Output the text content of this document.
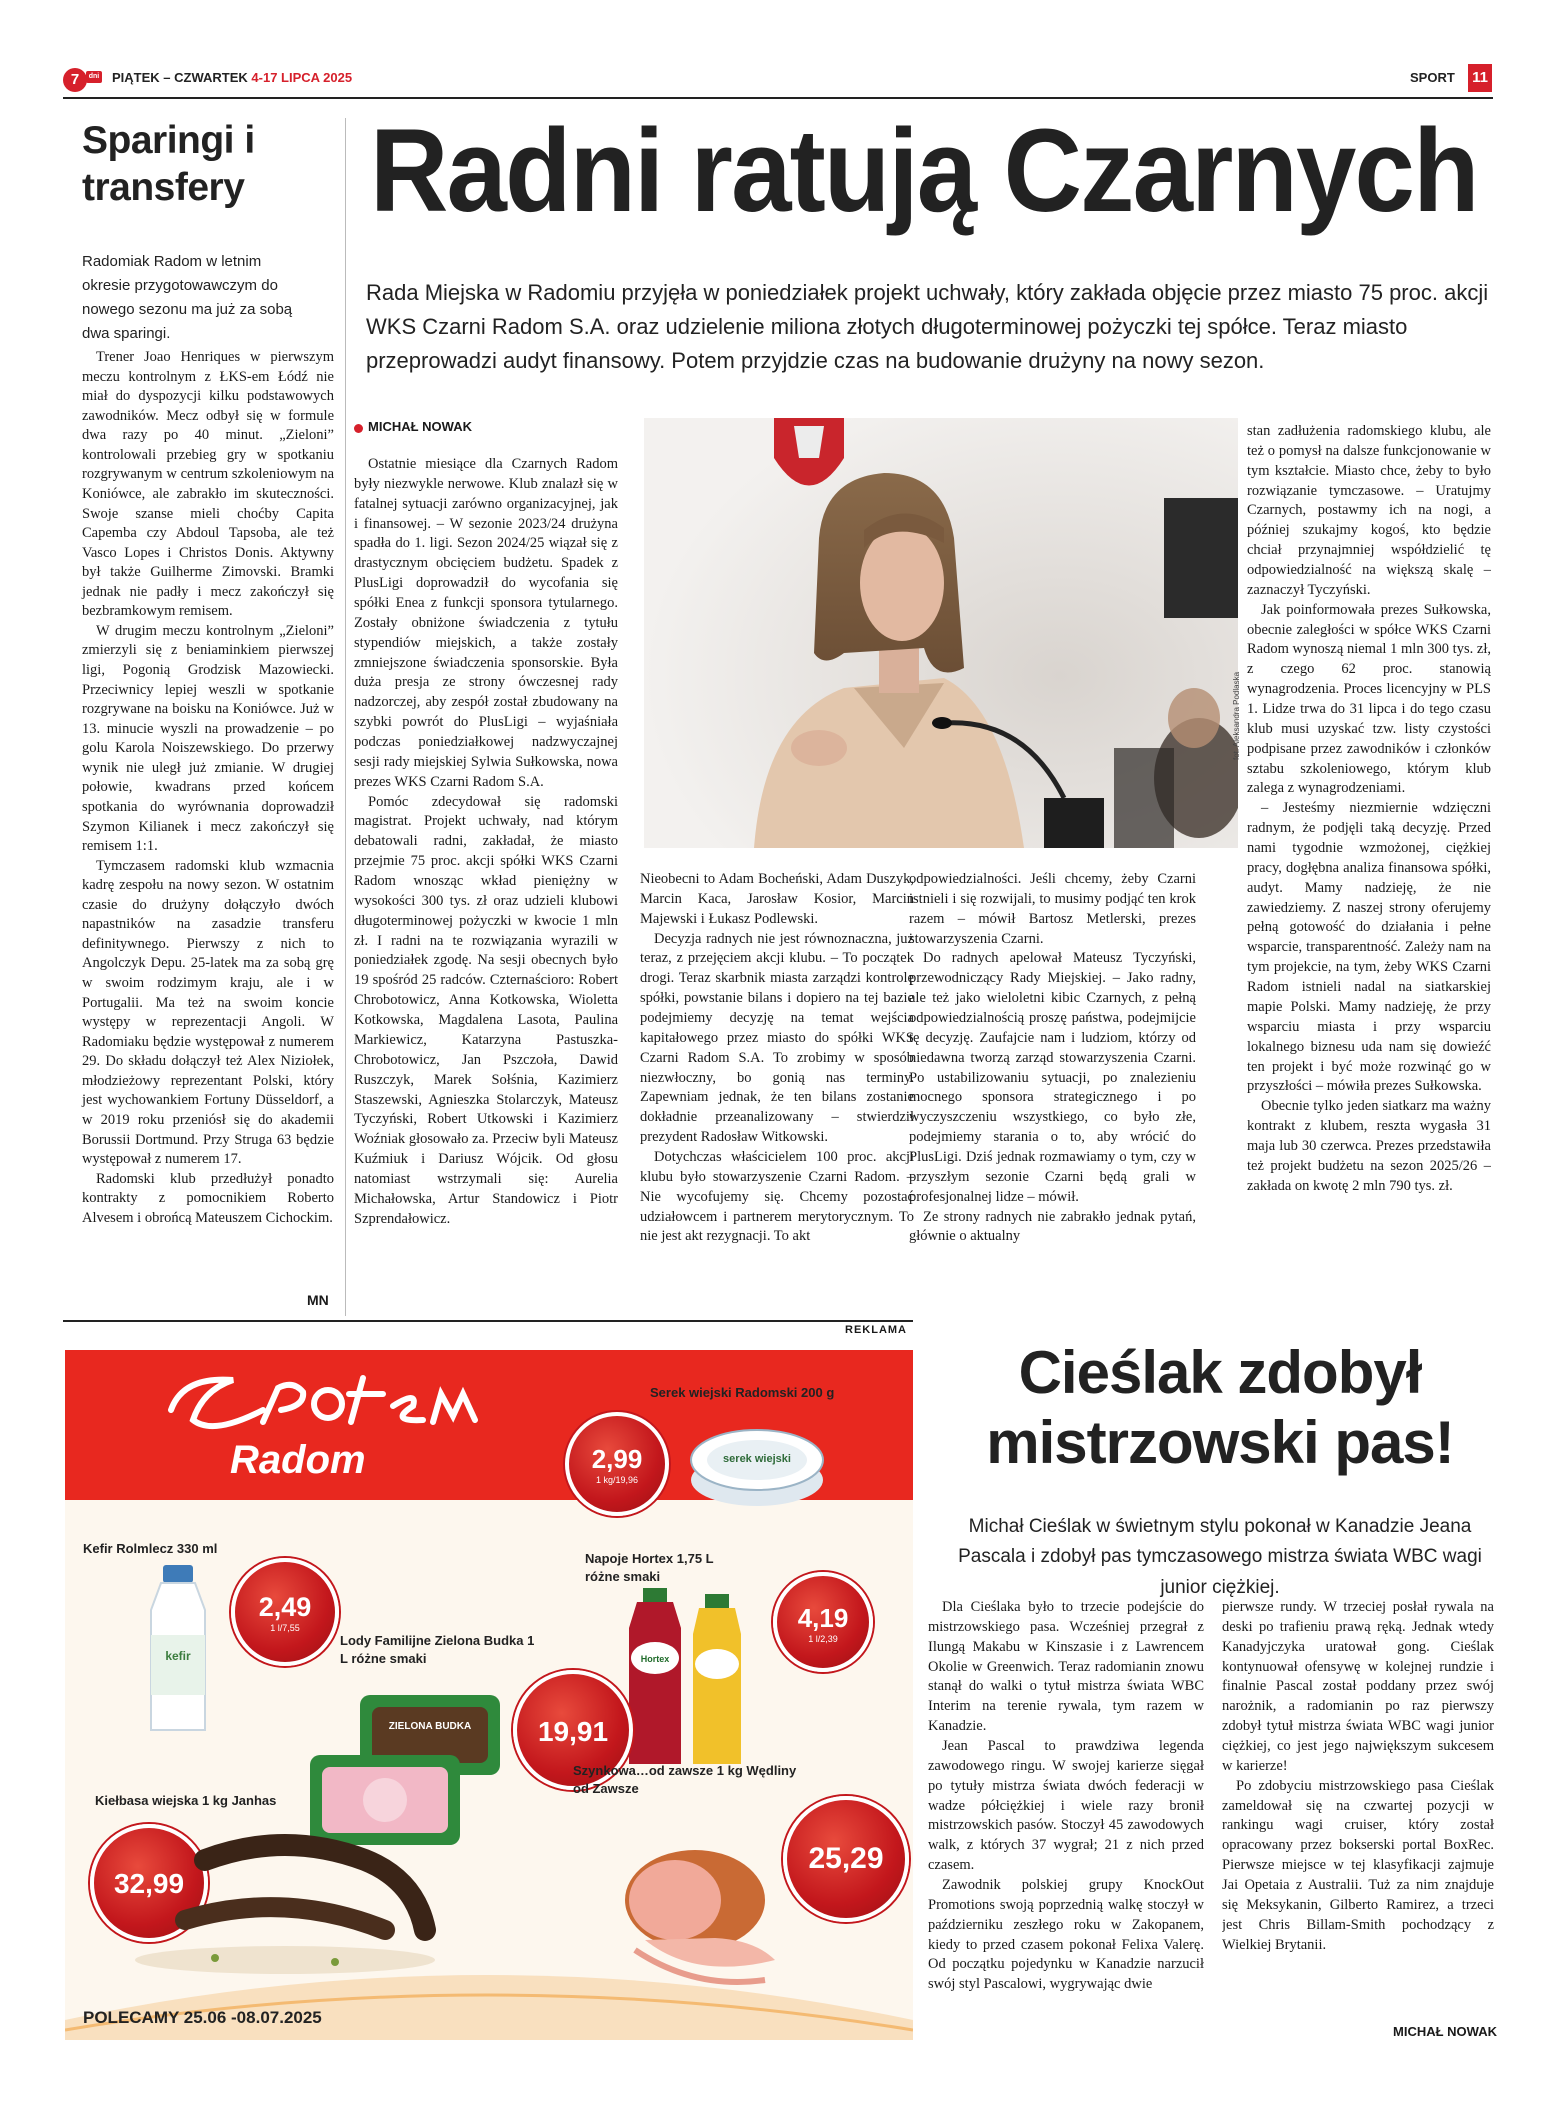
7	dni PIĄTEK – CZWARTEK 4-17 LIPCA 2025	SPORT 11
Sparingi i transfery
Radomiak Radom w letnim okresie przygotowawczym do nowego sezonu ma już za sobą dwa sparingi.

Trener Joao Henriques w pierwszym meczu kontrolnym z ŁKS-em Łódź nie miał do dyspozycji kilku podstawowych zawodników. Mecz odbył się w formule dwa razy po 40 minut. „Zieloni” kontrolowali przebieg gry w spotkaniu rozgrywanym w centrum szkoleniowym na Koniówce, ale zabrakło im skuteczności. Swoje szanse mieli choćby Capita Capemba czy Abdoul Tapsoba, ale też Vasco Lopes i Christos Donis. Aktywny był także Guilherme Zimovski. Bramki jednak nie padły i mecz zakończył się bezbramkowym remisem.

W drugim meczu kontrolnym „Zieloni” zmierzyli się z beniaminkiem pierwszej ligi, Pogonią Grodzisk Mazowiecki. Przeciwnicy lepiej weszli w spotkanie rozgrywane na boisku na Koniówce. Już w 13. minucie wyszli na prowadzenie – po golu Karola Noiszewskiego. Do przerwy wynik nie uległ już zmianie. W drugiej połowie, kwadrans przed końcem spotkania do wyrównania doprowadził Szymon Kilianek i mecz zakończył się remisem 1:1.

Tymczasem radomski klub wzmacnia kadrę zespołu na nowy sezon. W ostatnim czasie do drużyny dołączyło dwóch napastników na zasadzie transferu definitywnego. Pierwszy z nich to Angolczyk Depu. 25-latek ma za sobą grę w swoim rodzimym kraju, ale i w Portugalii. Ma też na swoim koncie występy w reprezentacji Angoli. W Radomiaku będzie występował z numerem 29. Do składu dołączył też Alex Niziołek, młodzieżowy reprezentant Polski, który jest wychowankiem Fortuny Düsseldorf, a w 2019 roku przeniósł się do akademii Borussii Dortmund. Przy Struga 63 będzie występował z numerem 17.

Radomski klub przedłużył ponadto kontrakty z pomocnikiem Roberto Alvesem i obrońcą Mateuszem Cichockim.

MN
Radni ratują Czarnych
Rada Miejska w Radomiu przyjęła w poniedziałek projekt uchwały, który zakłada objęcie przez miasto 75 proc. akcji WKS Czarni Radom S.A. oraz udzielenie miliona złotych długoterminowej pożyczki tej spółce. Teraz miasto przeprowadzi audyt finansowy. Potem przyjdzie czas na budowanie drużyny na nowy sezon.
MICHAŁ NOWAK

Ostatnie miesiące dla Czarnych Radom były niezwykle nerwowe. Klub znalazł się w fatalnej sytuacji zarówno organizacyjnej, jak i finansowej. – W sezonie 2023/24 drużyna spadła do 1. ligi. Sezon 2024/25 wiązał się z drastycznym obcięciem budżetu. Spadek z PlusLigi doprowadził do wycofania się spółki Enea z funkcji sponsora tytularnego. Zostały obniżone świadczenia z tytułu stypendiów miejskich, a także zostały zmniejszone świadczenia sponsorskie. Była duża presja ze strony ówczesnej rady nadzorczej, aby zespół został zbudowany na szybki powrót do PlusLigi – wyjaśniała podczas poniedziałkowej nadzwyczajnej sesji rady miejskiej Sylwia Sułkowska, nowa prezes WKS Czarni Radom S.A.

Pomóc zdecydował się radomski magistrat. Projekt uchwały, nad którym debatowali radni, zakładał, że miasto przejmie 75 proc. akcji spółki WKS Czarni Radom wnosząc wkład pieniężny w wysokości 300 tys. zł oraz udzieli klubowi długoterminowej pożyczki w kwocie 1 mln zł. I radni na te rozwiązania wyrazili w poniedziałek zgodę. Na sesji obecnych było 19 spośród 25 radców. Czternaścioro: Robert Chrobotowicz, Anna Kotkowska, Wioletta Kotkowska, Magdalena Lasota, Paulina Markiewicz, Katarzyna Pastuszka-Chrobotowicz, Jan Pszczoła, Dawid Ruszczyk, Marek Sołśnia, Kazimierz Staszewski, Agnieszka Stolarczyk, Mateusz Tyczyński, Robert Utkowski i Kazimierz Woźniak głosowało za. Przeciw byli Mateusz Kuźmiuk i Dariusz Wójcik. Od głosu natomiast wstrzymali się: Aurelia Michałowska, Artur Standowicz i Piotr Szprendałowicz.

fot. Aleksandra Podlaska

Nieobecni to Adam Bocheński, Adam Duszyk, Marcin Kaca, Jarosław Kosior, Marcin Majewski i Łukasz Podlewski.

Decyzja radnych nie jest równoznaczna, już teraz, z przejęciem akcji klubu. – To początek drogi. Teraz skarbnik miasta zarządzi kontrolę spółki, powstanie bilans i dopiero na tej bazie podejmiemy decyzję na temat wejścia kapitałowego przez miasto do spółki WKS Czarni Radom S.A. To zrobimy w sposób niezwłoczny, bo gonią nas terminy. Zapewniam jednak, że ten bilans zostanie dokładnie przeanalizowany – stwierdził prezydent Radosław Witkowski.

Dotychczas właścicielem 100 proc. akcji klubu było stowarzyszenie Czarni Radom. – Nie wycofujemy się. Chcemy pozostać udziałowcem i partnerem merytorycznym. To nie jest akt rezygnacji. To akt

odpowiedzialności. Jeśli chcemy, żeby Czarni istnieli i się rozwijali, to musimy podjąć ten krok razem – mówił Bartosz Metlerski, prezes stowarzyszenia Czarni.

Do radnych apelował Mateusz Tyczyński, przewodniczący Rady Miejskiej. – Jako radny, ale też jako wieloletni kibic Czarnych, z pełną odpowiedzialnością proszę państwa, podejmijcie tę decyzję. Zaufajcie nam i ludziom, którzy od niedawna tworzą zarząd stowarzyszenia Czarni. Po ustabilizowaniu sytuacji, po znalezieniu mocnego sponsora strategicznego i po wyczyszczeniu wszystkiego, co było złe, podejmiemy starania o to, aby wrócić do PlusLigi. Dziś jednak rozmawiamy o tym, czy w przyszłym sezonie Czarni będą grali w profesjonalnej lidze – mówił.

Ze strony radnych nie zabrakło jednak pytań, głównie o aktualny

stan zadłużenia radomskiego klubu, ale też o pomysł na dalsze funkcjonowanie w tym kształcie. Miasto chce, żeby to było rozwiązanie tymczasowe. – Uratujmy Czarnych, postawmy ich na nogi, a później szukajmy kogoś, kto będzie chciał przynajmniej współdzielić tę odpowiedzialność na większą skalę – zaznaczył Tyczyński.

Jak poinformowała prezes Sułkowska, obecnie zaległości w spółce WKS Czarni Radom wynoszą niemal 1 mln 300 tys. zł, z czego 62 proc. stanowią wynagrodzenia. Proces licencyjny w PLS 1. Lidze trwa do 31 lipca i do tego czasu klub musi uzyskać tzw. listy czystości podpisane przez zawodników i członków sztabu szkoleniowego, którym klub zalega z wynagrodzeniami.

– Jesteśmy niezmiernie wdzięczni radnym, że podjęli taką decyzję. Przed nami tygodnie wzmożonej, ciężkiej pracy, dogłębna analiza finansowa spółki, audyt. Mamy nadzieję, że nie zawiedziemy. Z naszej strony oferujemy pełną gotowość do działania i pełne wsparcie, transparentność. Zależy nam na tym projekcie, na tym, żeby WKS Czarni Radom istnieli nadal na siatkarskiej mapie Polski. Mamy nadzieję, że przy wsparciu miasta i przy wsparciu lokalnego biznesu uda nam się dowieźć ten projekt i być może rozwinąć go w przyszłości – mówiła prezes Sułkowska.

Obecnie tylko jeden siatkarz ma ważny kontrakt z klubem, reszta wygasła 31 maja lub 30 czerwca. Prezes przedstawiła też projekt budżetu na sezon 2025/26 – zakłada on kwotę 2 mln 790 tys. zł.

REKLAMA
Radom
Serek wiejski Radomski 200 g
2,99
1 kg/19,96
serek wiejski
Kefir Rolmlecz 330 ml
kefir
2,49
1 l/7,55
Napoje Hortex 1,75 L różne smaki
Hortex
4,19
1 l/2,39
Lody Familijne Zielona Budka 1 L różne smaki
19,91
ZIELONA BUDKA
Kiełbasa wiejska 1 kg Janhas
32,99
Szynkowa…od zawsze 1 kg Wędliny od Zawsze
25,29
POLECAMY 25.06 -08.07.2025
Cieślak zdobył mistrzowski pas!
Michał Cieślak w świetnym stylu pokonał w Kanadzie Jeana Pascala i zdobył pas tymczasowego mistrza świata WBC wagi junior ciężkiej.

Dla Cieślaka było to trzecie podejście do mistrzowskiego pasa. Wcześniej przegrał z Ilungą Makabu w Kinszasie i z Lawrencem Okolie w Greenwich. Teraz radomianin znowu stanął do walki o tytuł mistrza świata WBC Interim na terenie rywala, tym razem w Kanadzie.

Jean Pascal to prawdziwa legenda zawodowego ringu. W swojej karierze sięgał po tytuły mistrza świata dwóch federacji w wadze półciężkiej i wiele razy bronił mistrzowskich pasów. Stoczył 45 zawodowych walk, z których 37 wygrał; 21 z nich przed czasem.

Zawodnik polskiej grupy KnockOut Promotions swoją poprzednią walkę stoczył w październiku zeszłego roku w Zakopanem, kiedy to przed czasem pokonał Felixa Valerę. Od początku pojedynku w Kanadzie narzucił swój styl Pascalowi, wygrywając dwie

pierwsze rundy. W trzeciej posłał rywala na deski po trafieniu prawą ręką. Jednak wtedy Kanadyjczyka uratował gong. Cieślak kontynuował ofensywę w kolejnej rundzie i finalnie Pascal został poddany przez swój narożnik, a radomianin po raz pierwszy zdobył tytuł mistrza świata WBC wagi junior ciężkiej, co jest jego największym sukcesem w karierze!

Po zdobyciu mistrzowskiego pasa Cieślak zameldował się na czwartej pozycji w rankingu wagi cruiser, który został opracowany przez bokserski portal BoxRec. Pierwsze miejsce w tej klasyfikacji zajmuje Jai Opetaia z Australii. Tuż za nim znajduje się Meksykanin, Gilberto Ramirez, a trzeci jest Chris Billam-Smith pochodzący z Wielkiej Brytanii.

MICHAŁ NOWAK
